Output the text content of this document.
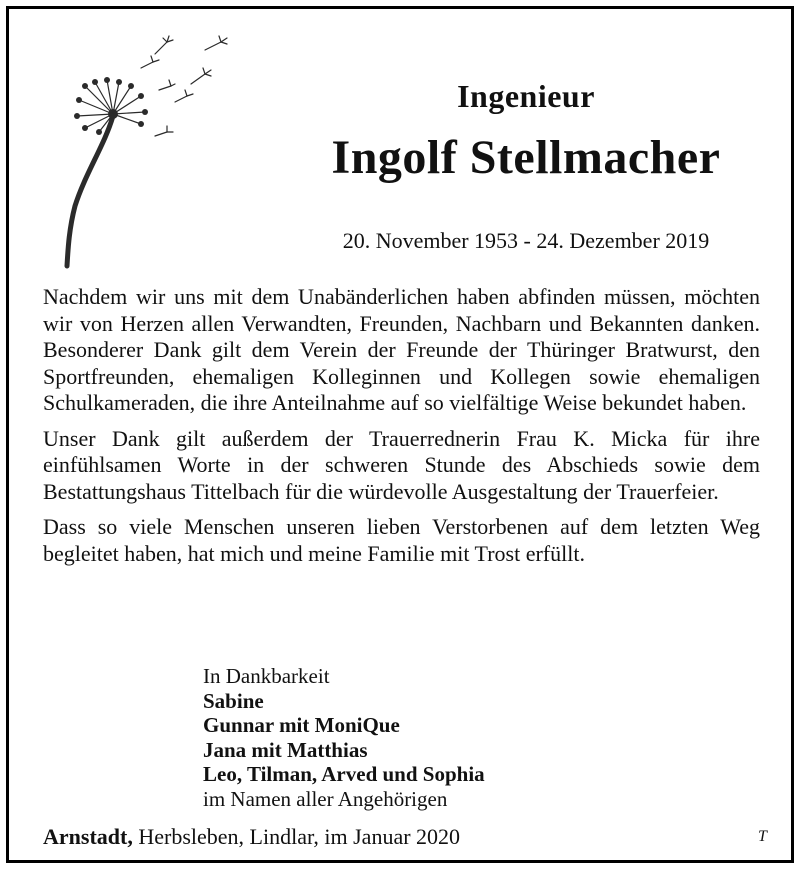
Ingenieur
Ingolf Stellmacher
20. November 1953 - 24. Dezember 2019

Nachdem wir uns mit dem Unabänderlichen haben abfinden müssen, möchten wir von Herzen allen Verwandten, Freunden, Nachbarn und Bekannten danken. Besonderer Dank gilt dem Verein der Freunde der Thüringer Bratwurst, den Sportfreunden, ehemaligen Kolleginnen und Kollegen sowie ehemaligen Schulkameraden, die ihre Anteilnahme auf so vielfältige Weise bekundet haben.

Unser Dank gilt außerdem der Trauerrednerin Frau K. Micka für ihre einfühlsamen Worte in der schweren Stunde des Abschieds sowie dem Bestattungshaus Tittelbach für die würdevolle Ausgestaltung der Trauerfeier.

Dass so viele Menschen unseren lieben Verstorbenen auf dem letzten Weg begleitet haben, hat mich und meine Familie mit Trost erfüllt.

In Dankbarkeit
Sabine
Gunnar mit MoniQue
Jana mit Matthias
Leo, Tilman, Arved und Sophia
im Namen aller Angehörigen
Arnstadt, Herbsleben, Lindlar, im Januar 2020	T
